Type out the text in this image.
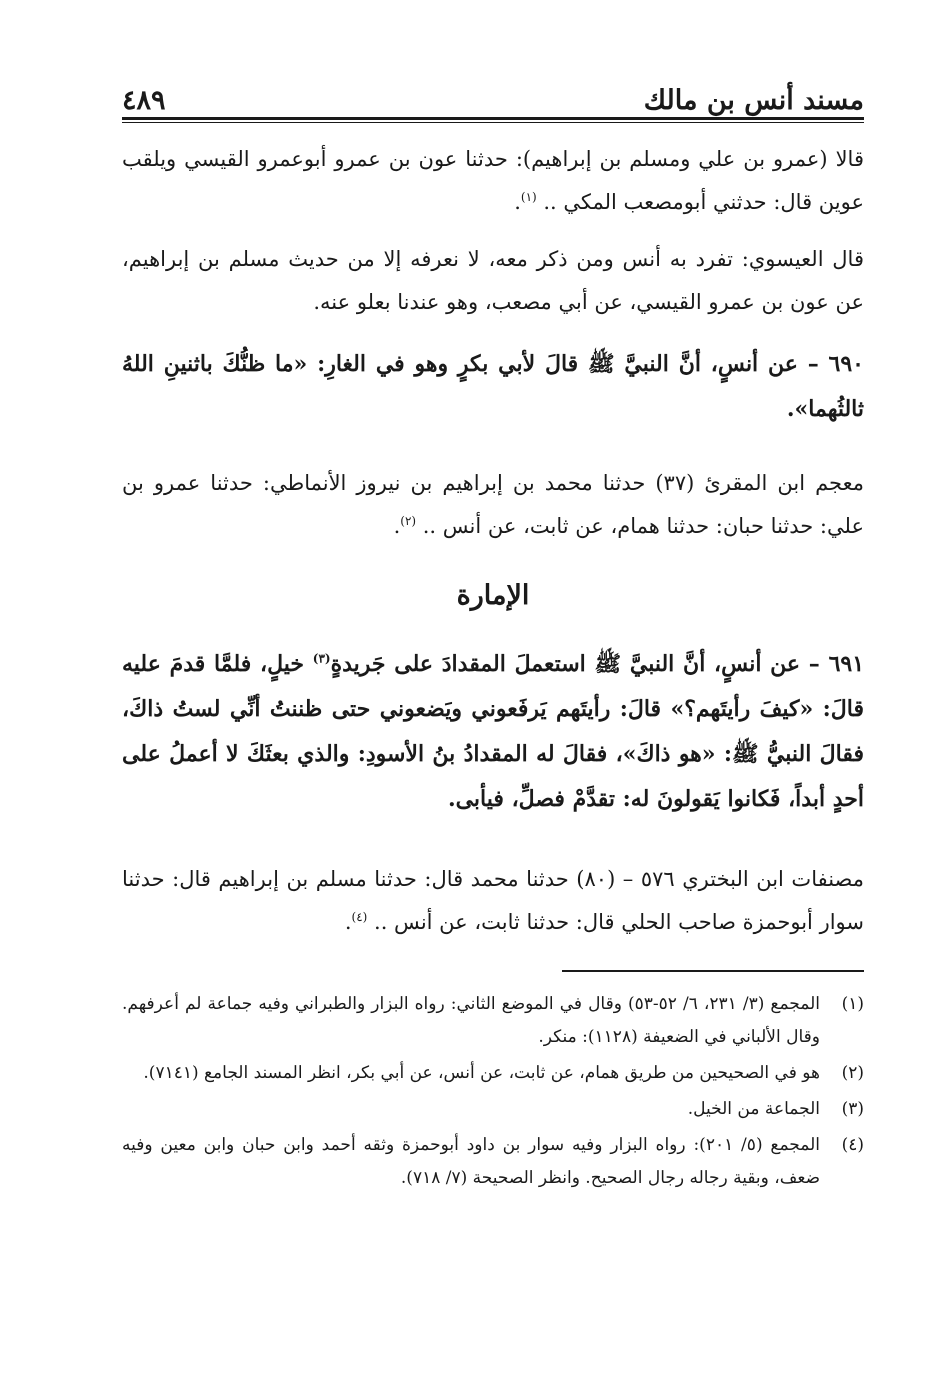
مسند أنس بن مالك
٤٨٩
قالا (عمرو بن علي ومسلم بن إبراهيم): حدثنا عون بن عمرو أبوعمرو القيسي ويلقب عوين قال: حدثني أبومصعب المكي .. $^{(١)}$.
قال العيسوي: تفرد به أنس ومن ذكر معه، لا نعرفه إلا من حديث مسلم بن إبراهيم، عن عون بن عمرو القيسي، عن أبي مصعب، وهو عندنا بعلو عنه.
٦٩٠ – عن أنسٍ، أنَّ النبيَّ ﷺ قالَ لأبي بكرٍ وهو في الغارِ: «ما ظنُّكَ باثنينِ اللهُ ثالثُهما».
معجم ابن المقرئ (٣٧) حدثنا محمد بن إبراهيم بن نيروز الأنماطي: حدثنا عمرو بن علي: حدثنا حبان: حدثنا همام، عن ثابت، عن أنس .. $^{(٢)}$.
الإمارة
٦٩١ – عن أنسٍ، أنَّ النبيَّ ﷺ استعملَ المقدادَ على جَريدةٍ$^{(٣)}$ خيلٍ، فلمَّا قدمَ عليه قالَ: «كيفَ رأيتَهم؟» قالَ: رأيتَهم يَرفَعوني ويَضعوني حتى ظننتُ أنِّي لستُ ذاكَ، فقالَ النبيُّ ﷺ: «هو ذاكَ»، فقالَ له المقدادُ بنُ الأسودِ: والذي بعثَكَ لا أعملُ على أحدٍ أبداً، فَكانوا يَقولونَ له: تقدَّمْ فصلِّ، فيأبى.
مصنفات ابن البختري ٥٧٦ – (٨٠) حدثنا محمد قال: حدثنا مسلم بن إبراهيم قال: حدثنا سوار أبوحمزة صاحب الحلي قال: حدثنا ثابت، عن أنس .. $^{(٤)}$.
(١)
المجمع (٣/ ٢٣١، ٦/ ٥٢-٥٣) وقال في الموضع الثاني: رواه البزار والطبراني وفيه جماعة لم أعرفهم. وقال الألباني في الضعيفة (١١٢٨): منكر.
(٢)
هو في الصحيحين من طريق همام، عن ثابت، عن أنس، عن أبي بكر، انظر المسند الجامع (٧١٤١).
(٣)
الجماعة من الخيل.
(٤)
المجمع (٥/ ٢٠١): رواه البزار وفيه سوار بن داود أبوحمزة وثقه أحمد وابن حبان وابن معين وفيه ضعف، وبقية رجاله رجال الصحيح. وانظر الصحيحة (٧/ ٧١٨).
